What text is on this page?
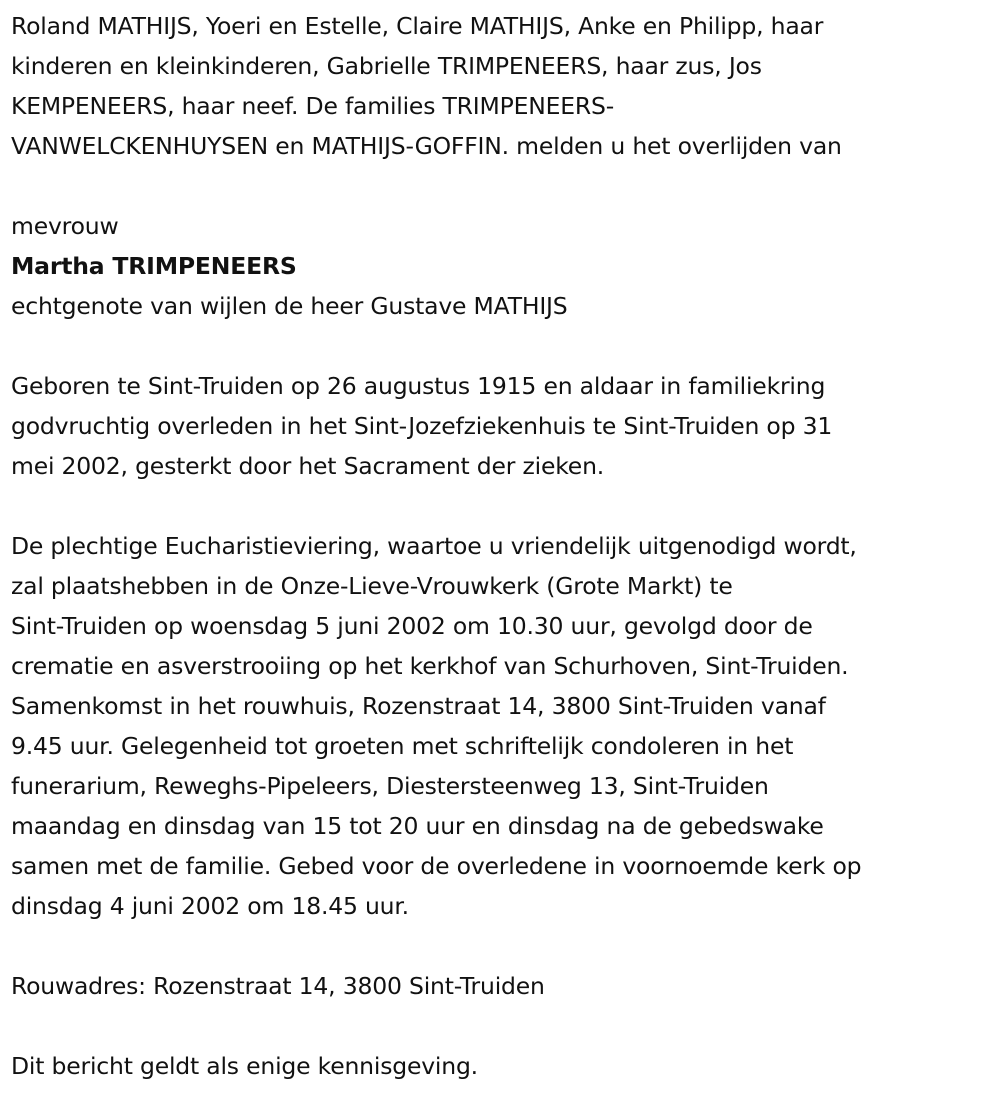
Roland MATHIJS, Yoeri en Estelle, Claire MATHIJS, Anke en Philipp, haar
kinderen en kleinkinderen, Gabrielle TRIMPENEERS, haar zus, Jos
KEMPENEERS, haar neef. De families TRIMPENEERS-
VANWELCKENHUYSEN en MATHIJS-GOFFIN. melden u het overlijden van

mevrouw

Martha TRIMPENEERS

echtgenote van wijlen de heer Gustave MATHIJS

Geboren te Sint-Truiden op 26 augustus 1915 en aldaar in familiekring
godvruchtig overleden in het Sint-Jozefziekenhuis te Sint-Truiden op 31
mei 2002, gesterkt door het Sacrament der zieken.

De plechtige Eucharistieviering, waartoe u vriendelijk uitgenodigd wordt,
zal plaatshebben in de Onze-Lieve-Vrouwkerk (Grote Markt) te
Sint-Truiden op woensdag 5 juni 2002 om 10.30 uur, gevolgd door de
crematie en asverstrooiing op het kerkhof van Schurhoven, Sint-Truiden.
Samenkomst in het rouwhuis, Rozenstraat 14, 3800 Sint-Truiden vanaf
9.45 uur. Gelegenheid tot groeten met schriftelijk condoleren in het
funerarium, Reweghs-Pipeleers, Diestersteenweg 13, Sint-Truiden
maandag en dinsdag van 15 tot 20 uur en dinsdag na de gebedswake
samen met de familie. Gebed voor de overledene in voornoemde kerk op
dinsdag 4 juni 2002 om 18.45 uur.

Rouwadres: Rozenstraat 14, 3800 Sint-Truiden

Dit bericht geldt als enige kennisgeving.
